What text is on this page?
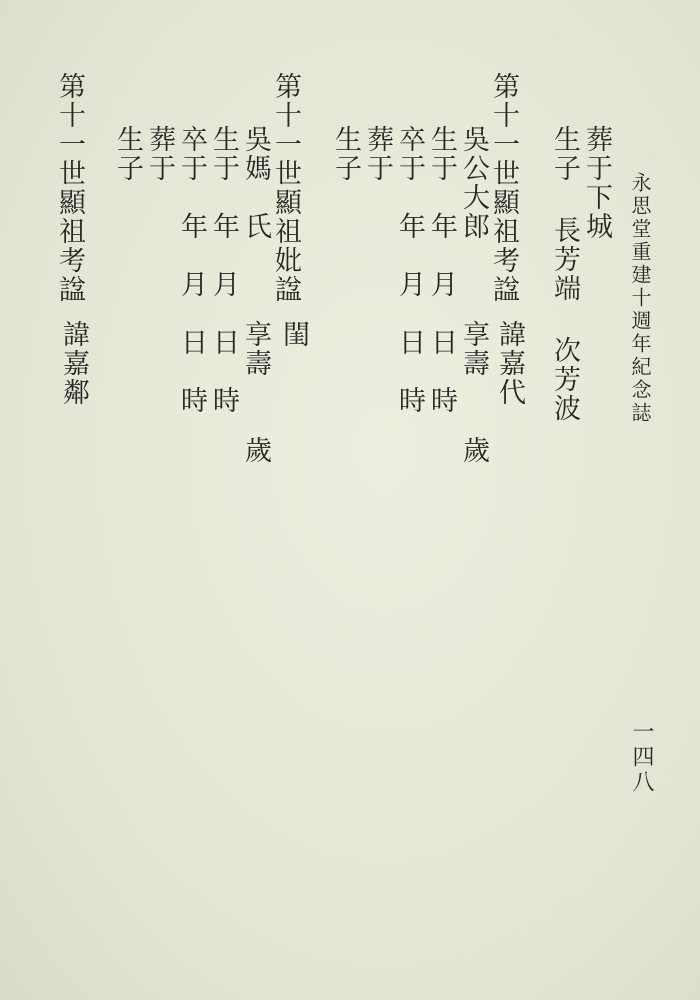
永思堂重建十週年紀念誌
一四八
葬于下城
生子 長芳端 次芳波
第十一世顯祖考諡
諱嘉代
吳公大郎
享壽　　歲
生于　年　月　日　時
卒于　年　月　日　時
葬于
生子
第十一世顯祖妣諡
閨
吳媽　氏
享壽　　歲
生于　年　月　日　時
卒于　年　月　日　時
葬于
生子
第十一世顯祖考諡
諱嘉鄰
